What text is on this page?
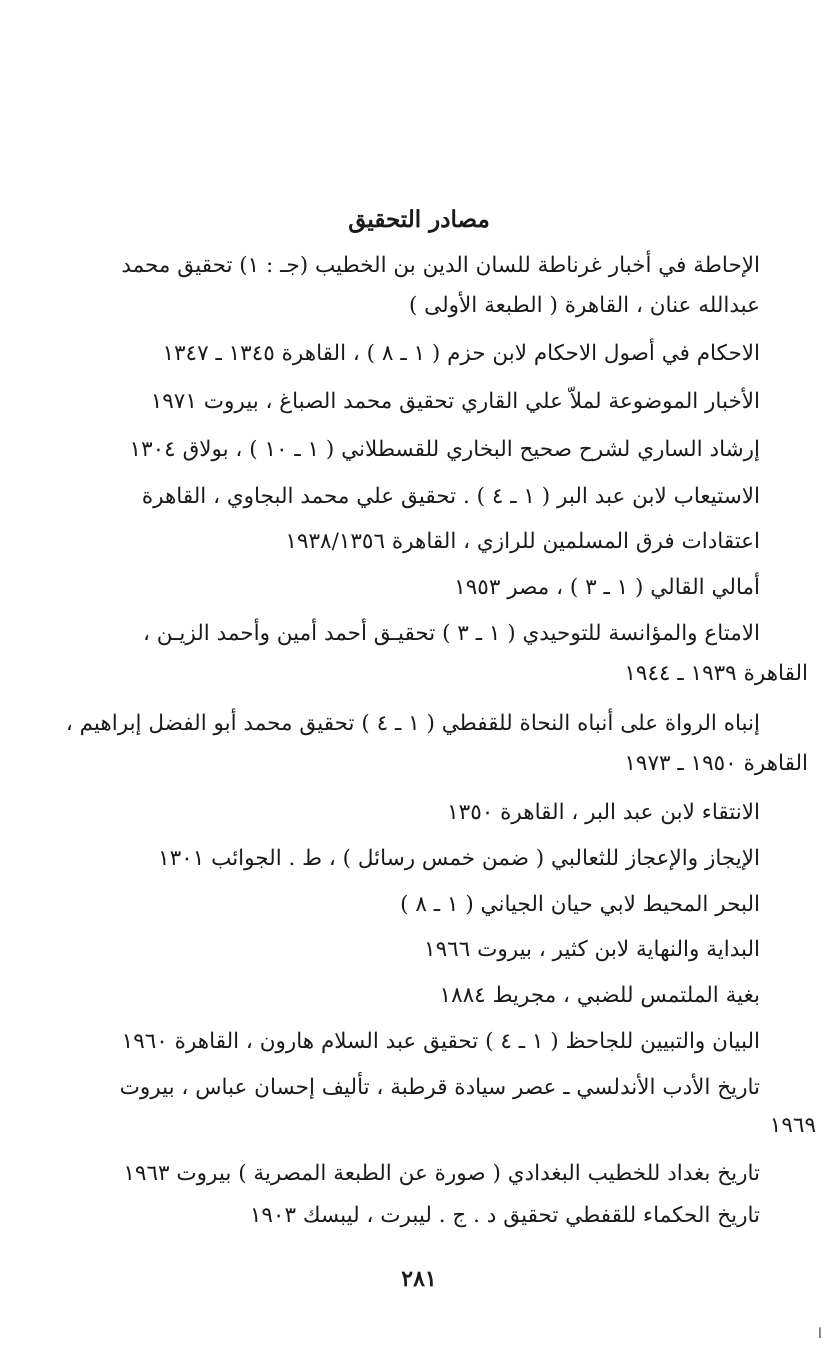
مصادر التحقيق
الإحاطة في أخبار غرناطة للسان الدين بن الخطيب (جـ : ١) تحقيق محمد
عبدالله عنان ، القاهرة ( الطبعة الأولى )
الاحكام في أصول الاحكام لابن حزم ( ١ ـ ٨ ) ، القاهرة ١٣٤٥ ـ ١٣٤٧
الأخبار الموضوعة لملاّ علي القاري تحقيق محمد الصباغ ، بيروت ١٩٧١
إرشاد الساري لشرح صحيح البخاري للقسطلاني ( ١ ـ ١٠ ) ، بولاق ١٣٠٤
الاستيعاب لابن عبد البر ( ١ ـ ٤ ) . تحقيق علي محمد البجاوي ، القاهرة
اعتقادات فرق المسلمين للرازي ، القاهرة ١٩٣٨/١٣٥٦
أمالي القالي ( ١ ـ ٣ ) ، مصر ١٩٥٣
الامتاع والمؤانسة للتوحيدي ( ١ ـ ٣ ) تحقيـق أحمد أمين وأحمد الزيـن ،
القاهرة ١٩٣٩ ـ ١٩٤٤
إنباه الرواة على أنباه النحاة للقفطي ( ١ ـ ٤ ) تحقيق محمد أبو الفضل إبراهيم ،
القاهرة ١٩٥٠ ـ ١٩٧٣
الانتقاء لابن عبد البر ، القاهرة ١٣٥٠
الإيجاز والإعجاز للثعالبي ( ضمن خمس رسائل ) ، ط . الجوائب ١٣٠١
البحر المحيط لابي حيان الجياني ( ١ ـ ٨ )
البداية والنهاية لابن كثير ، بيروت ١٩٦٦
بغية الملتمس للضبي ، مجريط ١٨٨٤
البيان والتبيين للجاحظ ( ١ ـ ٤ ) تحقيق عبد السلام هارون ، القاهرة ١٩٦٠
تاريخ الأدب الأندلسي ـ عصر سيادة قرطبة ، تأليف إحسان عباس ، بيروت
١٩٦٩
تاريخ بغداد للخطيب البغدادي ( صورة عن الطبعة المصرية ) بيروت ١٩٦٣
تاريخ الحكماء للقفطي تحقيق د . ج . ليبرت ، ليبسك ١٩٠٣
٢٨١
ا
